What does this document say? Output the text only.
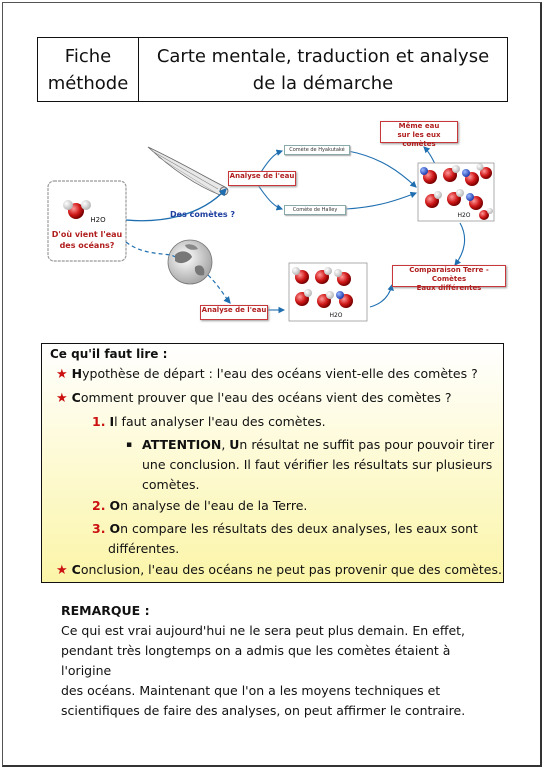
Fiche
méthode
Carte mentale, traduction et analyse
de la démarche
H2O
D'où vient l'eau
des océans?
H2O
H2O
Des comètes ?
Analyse de l'eau
Comète de Hyakutaké
Comète de Halley
Même eau
sur les eux comètes
Comparaison Terre - Comètes
Eaux différentes
Analyse de l'eau
Ce qu'il faut lire :
★ Hypothèse de départ : l'eau des océans vient-elle des comètes ?
★ Comment prouver que l'eau des océans vient des comètes ?
1. Il faut analyser l'eau des comètes.
▪ ATTENTION, Un résultat ne suffit pas pour pouvoir tirer
une conclusion. Il faut vérifier les résultats sur plusieurs
comètes.
2. On analyse de l'eau de la Terre.
3. On compare les résultats des deux analyses, les eaux sont
différentes.
★ Conclusion, l'eau des océans ne peut pas provenir que des comètes.
REMARQUE :
Ce qui est vrai aujourd'hui ne le sera peut plus demain. En effet,
pendant très longtemps on a admis que les comètes étaient à l'origine
des océans. Maintenant que l'on a les moyens techniques et
scientifiques de faire des analyses, on peut affirmer le contraire.
